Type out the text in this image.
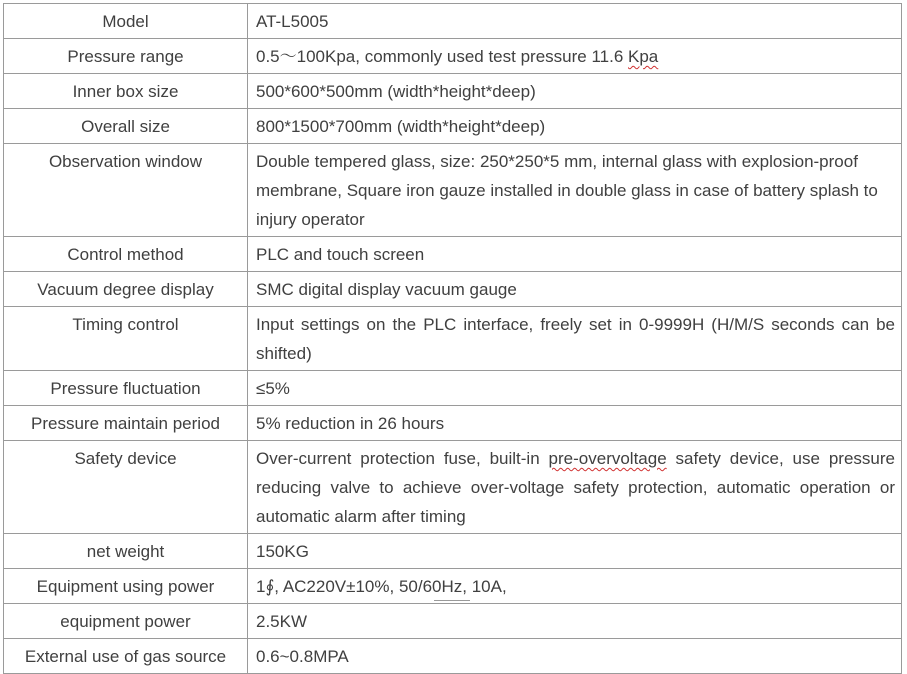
Model	AT-L5005
Pressure range	0.5～100Kpa, commonly used test pressure 11.6 Kpa
Inner box size	500*600*500mm (width*height*deep)
Overall size	800*1500*700mm (width*height*deep)
Observation window	Double tempered glass, size: 250*250*5 mm, internal glass with explosion-proof membrane, Square iron gauze installed in double glass in case of battery splash to injury operator
Control method	PLC and touch screen
Vacuum degree display	SMC digital display vacuum gauge
Timing control	Input settings on the PLC interface, freely set in 0-9999H (H/M/S seconds can be shifted)
Pressure fluctuation	≤5%
Pressure maintain period	5% reduction in 26 hours
Safety device	Over-current protection fuse, built-in pre-overvoltage safety device, use pressure reducing valve to achieve over-voltage safety protection, automatic operation or automatic alarm after timing
net weight	150KG
Equipment using power	1∮, AC220V±10%, 50/60Hz, 10A,
equipment power	2.5KW
External use of gas source	0.6~0.8MPA
